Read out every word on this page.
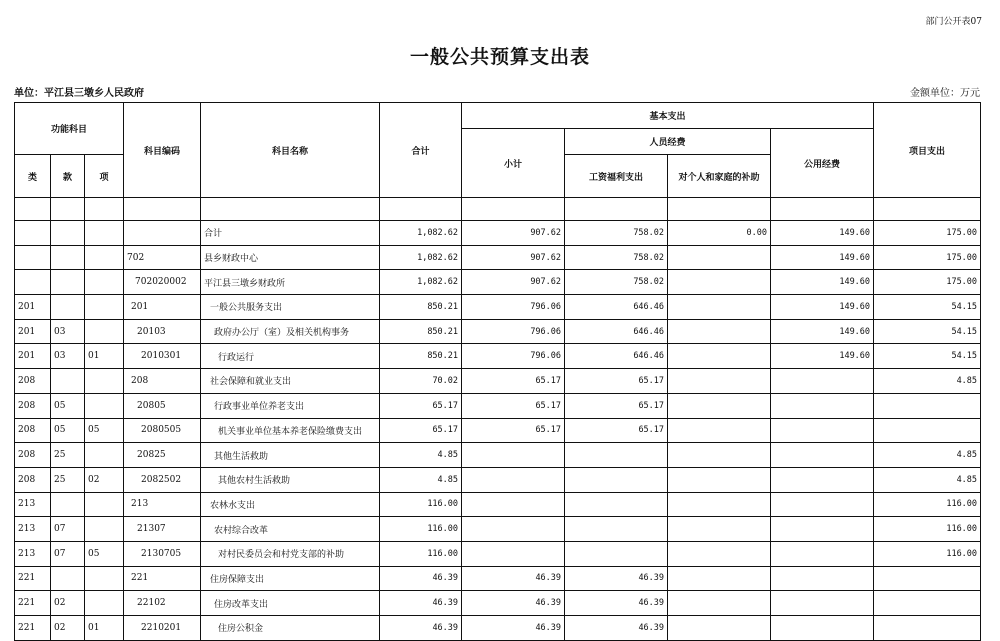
部门公开表07
一般公共预算支出表
单位：平江县三墩乡人民政府	金额单位：万元
功能科目			科目编码	科目名称	合计	基本支出				项目支出
						小计	人员经费		公用经费	
类	款	项					工资福利支出	对个人和家庭的补助		

				合计	1,082.62	907.62	758.02	0.00	149.60	175.00
			702	县乡财政中心	1,082.62	907.62	758.02		149.60	175.00
			702020002	平江县三墩乡财政所	1,082.62	907.62	758.02		149.60	175.00
201			201	一般公共服务支出	850.21	796.06	646.46		149.60	54.15
201	03		20103	政府办公厅（室）及相关机构事务	850.21	796.06	646.46		149.60	54.15
201	03	01	2010301	行政运行	850.21	796.06	646.46		149.60	54.15
208			208	社会保障和就业支出	70.02	65.17	65.17			4.85
208	05		20805	行政事业单位养老支出	65.17	65.17	65.17			
208	05	05	2080505	机关事业单位基本养老保险缴费支出	65.17	65.17	65.17			
208	25		20825	其他生活救助	4.85					4.85
208	25	02	2082502	其他农村生活救助	4.85					4.85
213			213	农林水支出	116.00					116.00
213	07		21307	农村综合改革	116.00					116.00
213	07	05	2130705	对村民委员会和村党支部的补助	116.00					116.00
221			221	住房保障支出	46.39	46.39	46.39			
221	02		22102	住房改革支出	46.39	46.39	46.39			
221	02	01	2210201	住房公积金	46.39	46.39	46.39			
